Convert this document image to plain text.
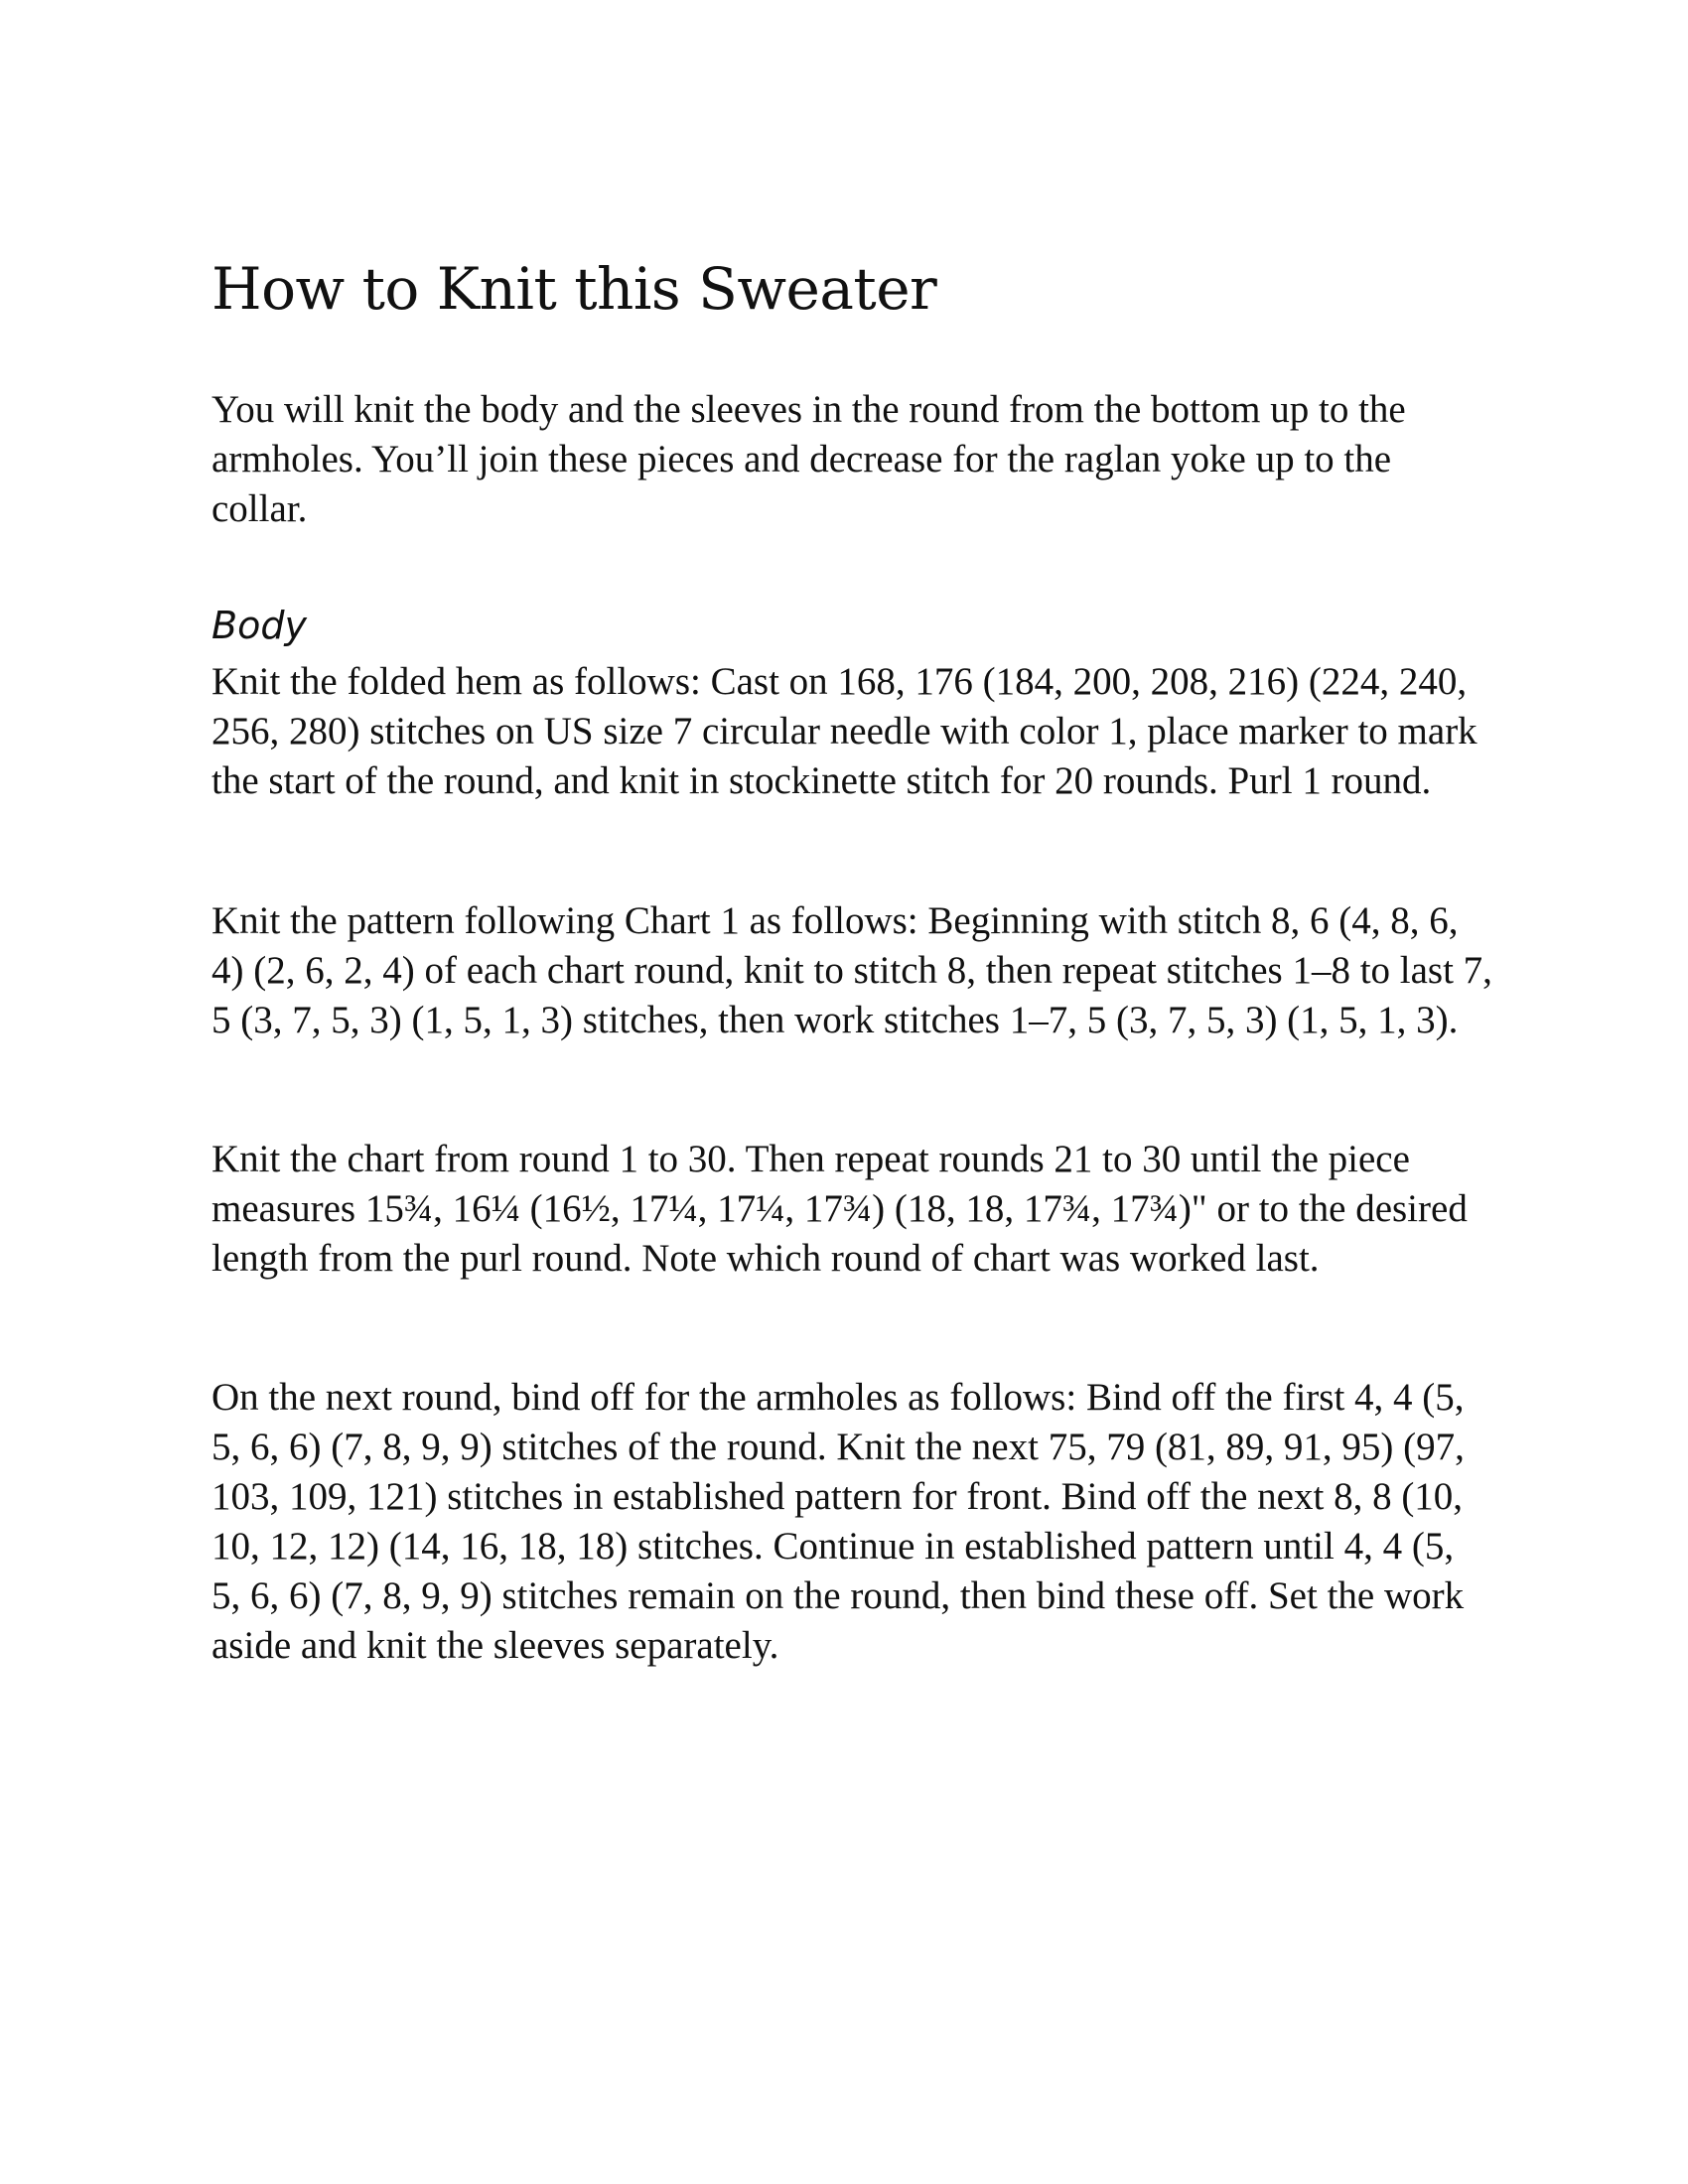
How to Knit this Sweater

You will knit the body and the sleeves in the round from the bottom up to the armholes. You’ll join these pieces and decrease for the raglan yoke up to the collar.

Body

Knit the folded hem as follows: Cast on 168, 176 (184, 200, 208, 216) (224, 240, 256, 280) stitches on US size 7 circular needle with color 1, place marker to mark the start of the round, and knit in stockinette stitch for 20 rounds. Purl 1 round.

Knit the pattern following Chart 1 as follows: Beginning with stitch 8, 6 (4, 8, 6, 4) (2, 6, 2, 4) of each chart round, knit to stitch 8, then repeat stitches 1–8 to last 7, 5 (3, 7, 5, 3) (1, 5, 1, 3) stitches, then work stitches 1–7, 5 (3, 7, 5, 3) (1, 5, 1, 3).

Knit the chart from round 1 to 30. Then repeat rounds 21 to 30 until the piece measures 15¾, 16¼ (16½, 17¼, 17¼, 17¾) (18, 18, 17¾, 17¾)" or to the desired length from the purl round. Note which round of chart was worked last.

On the next round, bind off for the armholes as follows: Bind off the first 4, 4 (5, 5, 6, 6) (7, 8, 9, 9) stitches of the round. Knit the next 75, 79 (81, 89, 91, 95) (97, 103, 109, 121) stitches in established pattern for front. Bind off the next 8, 8 (10, 10, 12, 12) (14, 16, 18, 18) stitches. Continue in established pattern until 4, 4 (5, 5, 6, 6) (7, 8, 9, 9) stitches remain on the round, then bind these off. Set the work aside and knit the sleeves separately.
